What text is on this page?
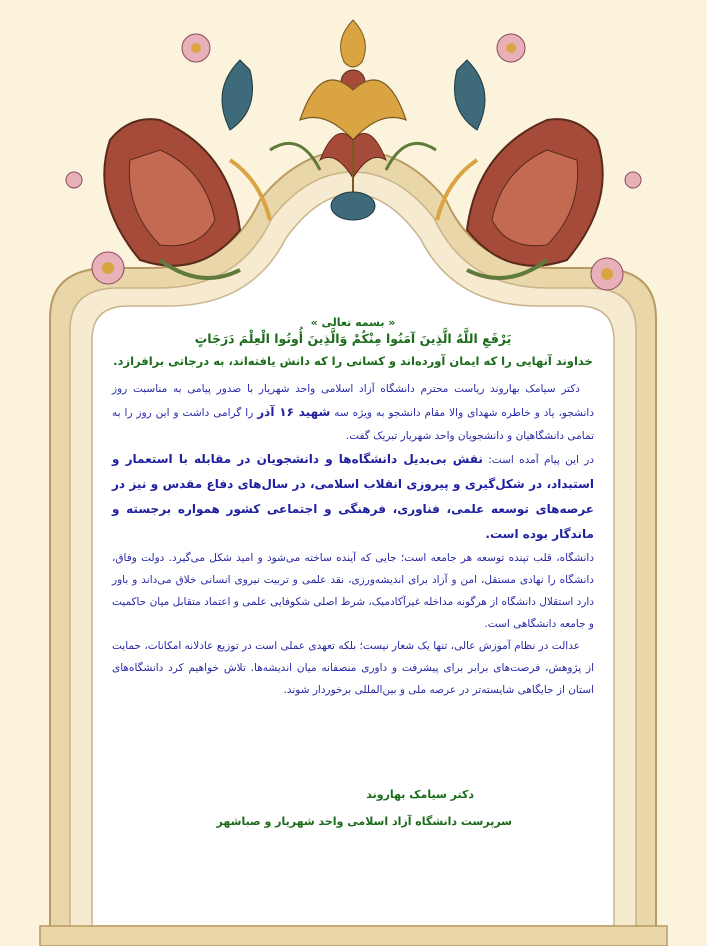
« بسمه تعالی »

يَرْفَعِ اللَّهُ الَّذِينَ آمَنُوا مِنْكُمْ وَالَّذِينَ أُوتُوا الْعِلْمَ دَرَجَاتٍ

خداوند آنهایی را که ایمان آورده‌اند و کسانی را که دانش یافته‌اند، به درجاتی برافرازد.

دکتر سیامک بهاروند ریاست محترم دانشگاه آزاد اسلامی واحد شهریار با صدور پیامی به مناسبت روز دانشجو، یاد و خاطره شهدای والا مقام دانشجو به ویژه سه شهید ۱۶ آذر را گرامی داشت و این روز را به تمامی دانشگاهیان و دانشجویان واحد شهریار تبریک گفت.

در این پیام آمده است: نقش بی‌بدیل دانشگاه‌ها و دانشجویان در مقابله با استعمار و استبداد، در شکل‌گیری و پیروزی انقلاب اسلامی، در سال‌های دفاع مقدس و نیز در عرصه‌های توسعه علمی، فناوری، فرهنگی و اجتماعی کشور همواره برجسته و ماندگار بوده است.

دانشگاه، قلب تپنده توسعه هر جامعه است؛ جایی که آینده ساخته می‌شود و امید شکل می‌گیرد. دولت وفاق، دانشگاه را نهادی مستقل، امن و آزاد برای اندیشه‌ورزی، نقد علمی و تربیت نیروی انسانی خلاق می‌داند و باور دارد استقلال دانشگاه از هرگونه مداخله غیرآکادمیک، شرط اصلی شکوفایی علمی و اعتماد متقابل میان حاکمیت و جامعه دانشگاهی است.

عدالت در نظام آموزش عالی، تنها یک شعار نیست؛ بلکه تعهدی عملی است در توزیع عادلانه امکانات، حمایت از پژوهش، فرصت‌های برابر برای پیشرفت و داوری منصفانه میان اندیشه‌ها. تلاش خواهیم کرد دانشگاه‌های استان از جایگاهی شایسته‌تر در عرصه ملی و بین‌المللی برخوردار شوند.

دکتر سیامک بهاروند

سرپرست دانشگاه آزاد اسلامی واحد شهریار و صباشهر
